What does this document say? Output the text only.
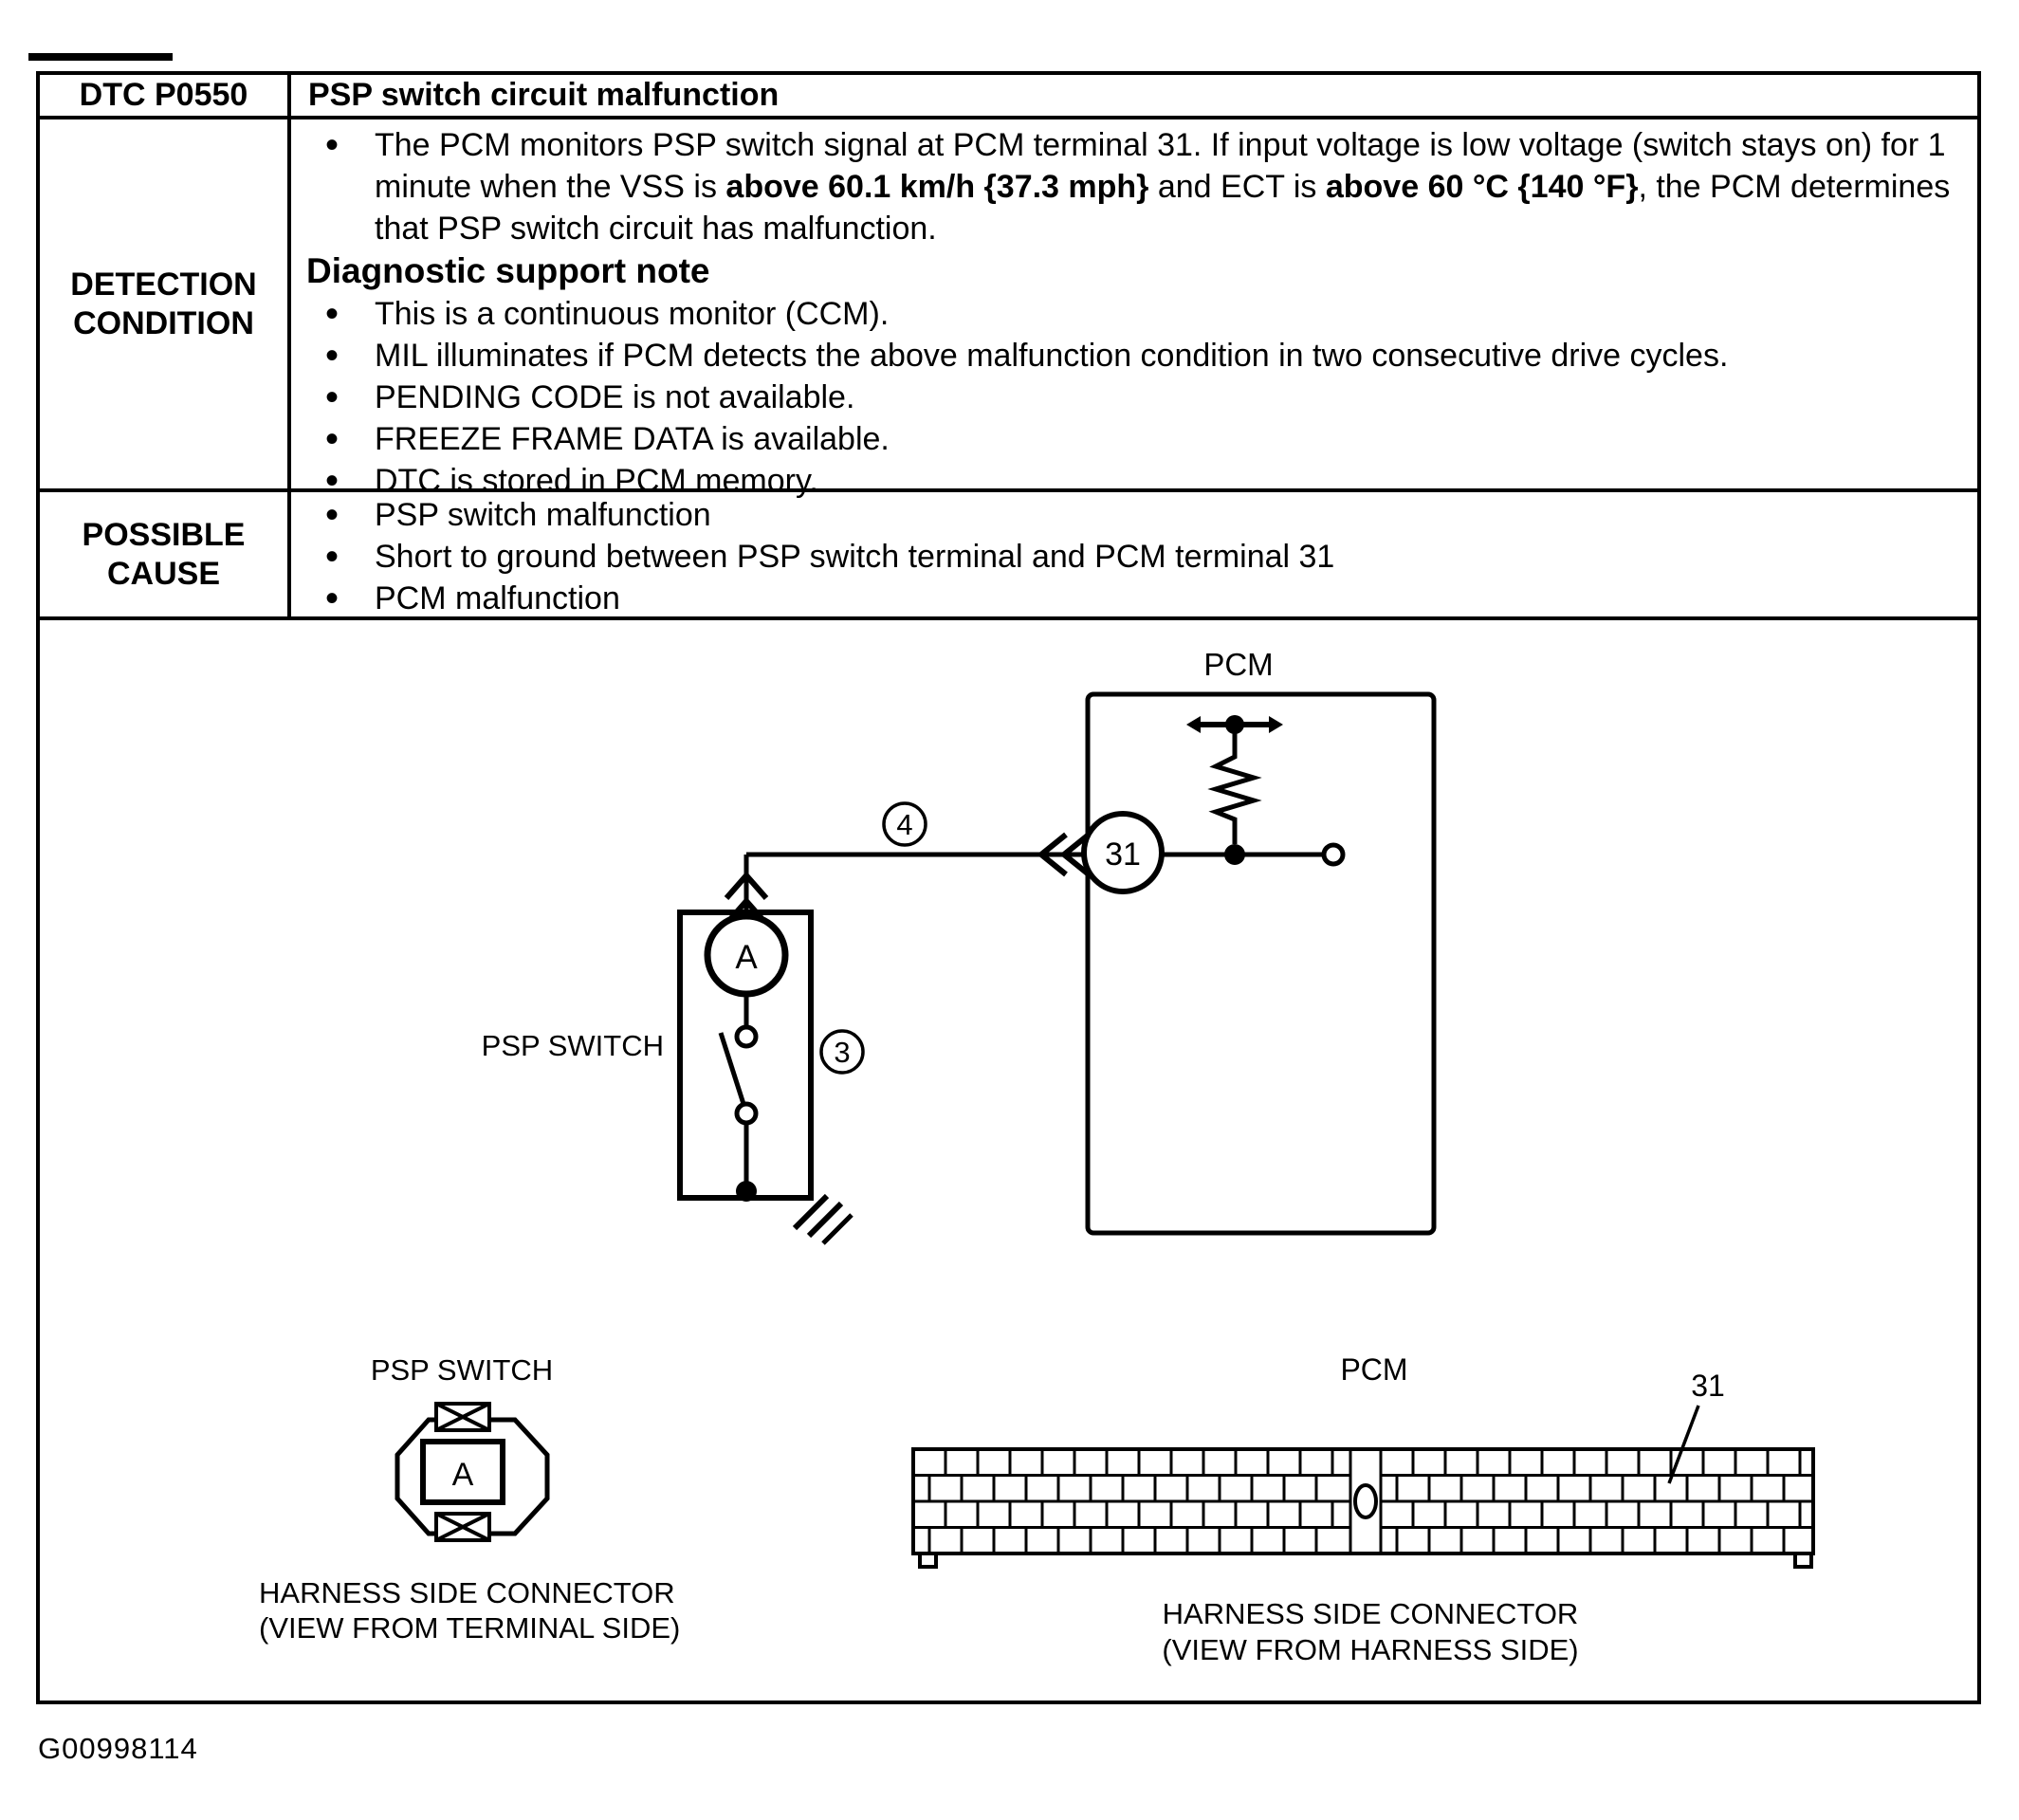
DTC P0550 PSP switch circuit malfunction
DETECTION
CONDITION
• The PCM monitors PSP switch signal at PCM terminal 31. If input voltage is low voltage (switch stays on) for 1 minute when the VSS is above 60.1 km/h {37.3 mph} and ECT is above 60 °C {140 °F}, the PCM determines that PSP switch circuit has malfunction.
Diagnostic support note
• This is a continuous monitor (CCM).
• MIL illuminates if PCM detects the above malfunction condition in two consecutive drive cycles.
• PENDING CODE is not available.
• FREEZE FRAME DATA is available.
• DTC is stored in PCM memory.
POSSIBLE
CAUSE
• PSP switch malfunction
• Short to ground between PSP switch terminal and PCM terminal 31
• PCM malfunction
PCM
31
4
3
PSP SWITCH
A
PSP SWITCH
A
HARNESS SIDE CONNECTOR
(VIEW FROM TERMINAL SIDE)
PCM	31
HARNESS SIDE CONNECTOR
(VIEW FROM HARNESS SIDE)
G00998114
